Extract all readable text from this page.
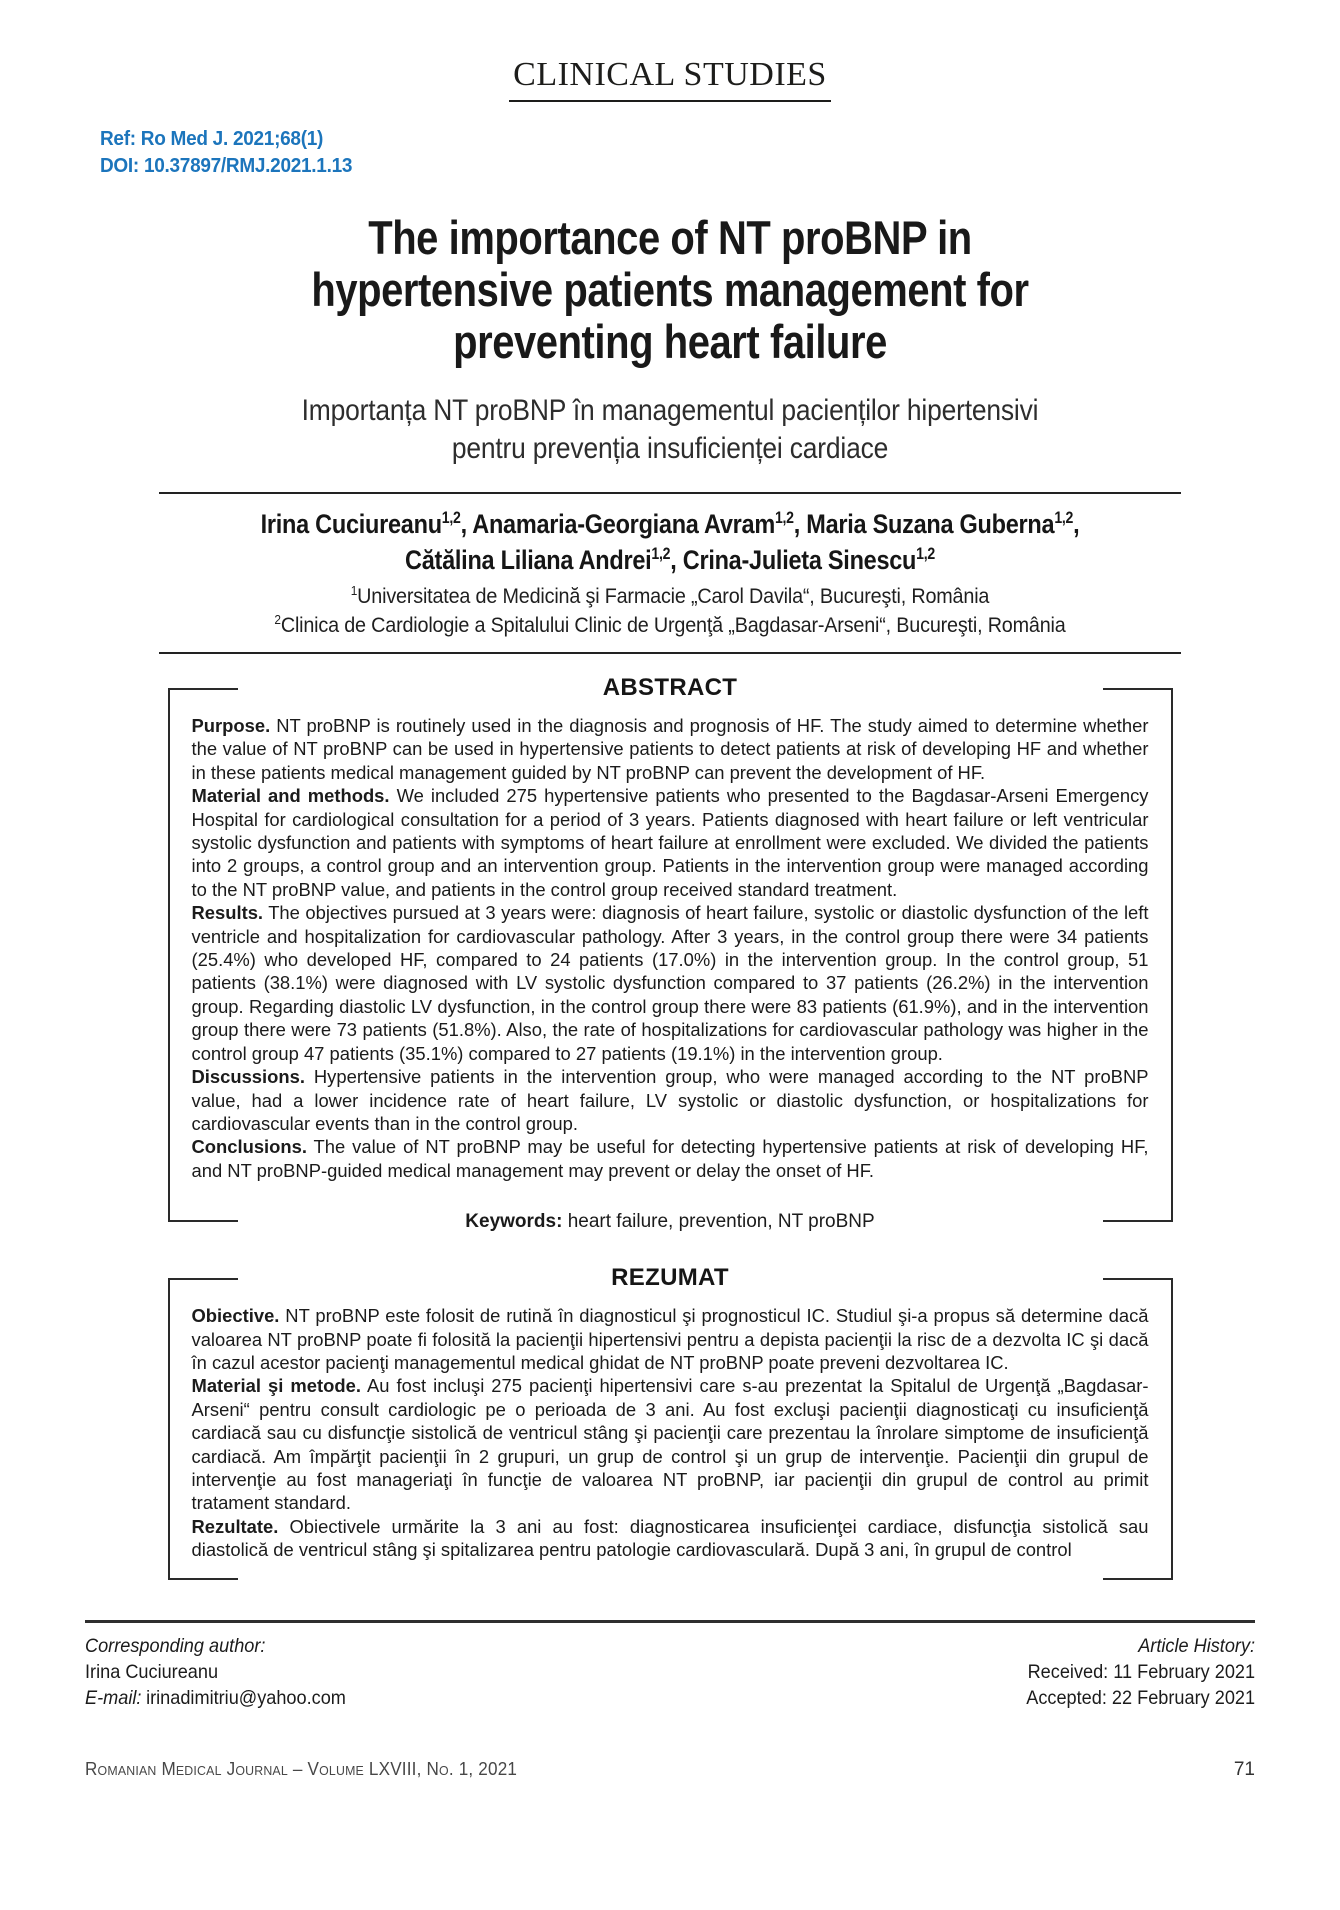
CLINICAL STUDIES
Ref: Ro Med J. 2021;68(1)
DOI: 10.37897/RMJ.2021.1.13
The importance of NT proBNP in
hypertensive patients management for
preventing heart failure
Importanța NT proBNP în managementul pacienților hipertensivi
pentru prevenția insuficienței cardiace
Irina Cuciureanu$^{1,2}$, Anamaria-Georgiana Avram$^{1,2}$, Maria Suzana Guberna$^{1,2}$,
Cătălina Liliana Andrei$^{1,2}$, Crina-Julieta Sinescu$^{1,2}$
$^1$Universitatea de Medicină şi Farmacie „Carol Davila“, Bucureşti, România
$^2$Clinica de Cardiologie a Spitalului Clinic de Urgenţă „Bagdasar-Arseni“, Bucureşti, România
ABSTRACT

Purpose. NT proBNP is routinely used in the diagnosis and prognosis of HF. The study aimed to determine whether the value of NT proBNP can be used in hypertensive patients to detect patients at risk of developing HF and whether in these patients medical management guided by NT proBNP can prevent the development of HF.

Material and methods. We included 275 hypertensive patients who presented to the Bagdasar-Arseni Emergency Hospital for cardiological consultation for a period of 3 years. Patients diagnosed with heart failure or left ventricular systolic dysfunction and patients with symptoms of heart failure at enrollment were excluded. We divided the patients into 2 groups, a control group and an intervention group. Patients in the intervention group were managed according to the NT proBNP value, and patients in the control group received standard treatment.

Results. The objectives pursued at 3 years were: diagnosis of heart failure, systolic or diastolic dysfunction of the left ventricle and hospitalization for cardiovascular pathology. After 3 years, in the control group there were 34 patients (25.4%) who developed HF, compared to 24 patients (17.0%) in the intervention group. In the control group, 51 patients (38.1%) were diagnosed with LV systolic dysfunction compared to 37 patients (26.2%) in the intervention group. Regarding diastolic LV dysfunction, in the control group there were 83 patients (61.9%), and in the intervention group there were 73 patients (51.8%). Also, the rate of hospitalizations for cardiovascular pathology was higher in the control group 47 patients (35.1%) compared to 27 patients (19.1%) in the intervention group.

Discussions. Hypertensive patients in the intervention group, who were managed according to the NT proBNP value, had a lower incidence rate of heart failure, LV systolic or diastolic dysfunction, or hospitalizations for cardiovascular events than in the control group.

Conclusions. The value of NT proBNP may be useful for detecting hypertensive patients at risk of developing HF, and NT proBNP-guided medical management may prevent or delay the onset of HF.

Keywords: heart failure, prevention, NT proBNP
REZUMAT

Obiective. NT proBNP este folosit de rutină în diagnosticul şi prognosticul IC. Studiul şi-a propus să determine dacă valoarea NT proBNP poate fi folosită la pacienţii hipertensivi pentru a depista pacienţii la risc de a dezvolta IC şi dacă în cazul acestor pacienţi managementul medical ghidat de NT proBNP poate preveni dezvoltarea IC.

Material şi metode. Au fost incluşi 275 pacienţi hipertensivi care s-au prezentat la Spitalul de Urgenţă „Bagdasar-Arseni“ pentru consult cardiologic pe o perioada de 3 ani. Au fost excluşi pacienţii diagnosticaţi cu insuficienţă cardiacă sau cu disfuncţie sistolică de ventricul stâng şi pacienţii care prezentau la înrolare simptome de insuficienţă cardiacă. Am împărţit pacienţii în 2 grupuri, un grup de control şi un grup de intervenţie. Pacienţii din grupul de intervenţie au fost manageriaţi în funcţie de valoarea NT proBNP, iar pacienţii din grupul de control au primit tratament standard.

Rezultate. Obiectivele urmărite la 3 ani au fost: diagnosticarea insuficienţei cardiace, disfuncţia sistolică sau diastolică de ventricul stâng şi spitalizarea pentru patologie cardiovasculară. După 3 ani, în grupul de control

Corresponding author:
Irina Cuciureanu
E-mail: irinadimitriu@yahoo.com
Article History:
Received: 11 February 2021
Accepted: 22 February 2021
Romanian Medical Journal – Volume LXVIII, No. 1, 2021	71
